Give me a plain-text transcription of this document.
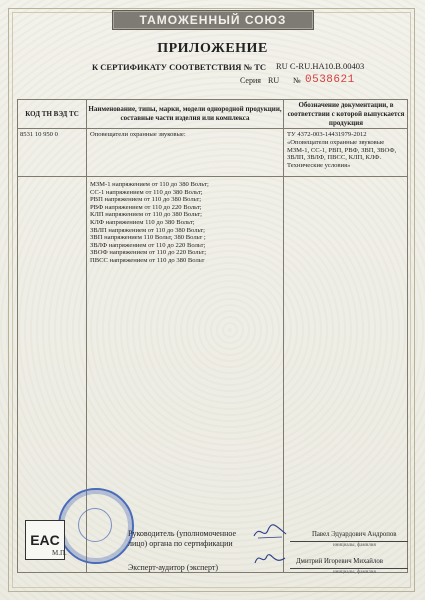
ТАМОЖЕННЫЙ СОЮЗ
ПРИЛОЖЕНИЕ
К СЕРТИФИКАТУ СООТВЕТСТВИЯ № ТС RU C-RU.HA10.B.00403
Серия RU № 0538621
КОД ТН ВЭД ТС
Наименование, типы, марки, модели однородной продукции, составные части изделия или комплекса
Обозначение документации, в соответствии с которой выпускается продукция
8531 10 950 0	Оповещатели охранные звуковые:	ТУ 4372-003-14431979-2012 «Оповещатели охранные звуковые МЗМ-1, СС-1, РВП, РВФ, ЗВП, ЗВОФ, ЗВЛП, ЗВЛФ, ПВСС, КЛП, КЛФ. Технические условия»
МЗМ-1 напряжением от 110 до 380 Вольт;
СС-1 напряжением от 110 до 380 Вольт;
РВП напряжением от 110 до 380 Вольт;
РВФ напряжением от 110 до 220 Вольт;
КЛП напряжением от 110 до 380 Вольт;
КЛФ напряжением 110 до 380 Вольт;
ЗВЛП напряжением от 110 до 380 Вольт;
ЗВП напряжением 110 Вольт, 380 Вольт ;
ЗВЛФ напряжением от 110 до 220 Вольт;
ЗВОФ напряжением от 110 до 220 Вольт;
ПВСС напряжением от 110 до 380 Вольт
EAC
М.П.
Руководитель (уполномоченное лицо) органа по сертификации
Эксперт-аудитор (эксперт)
Павел Эдуардович Андропов
инициалы, фамилия
Дмитрий Игоревич Михайлов
инициалы, фамилия
